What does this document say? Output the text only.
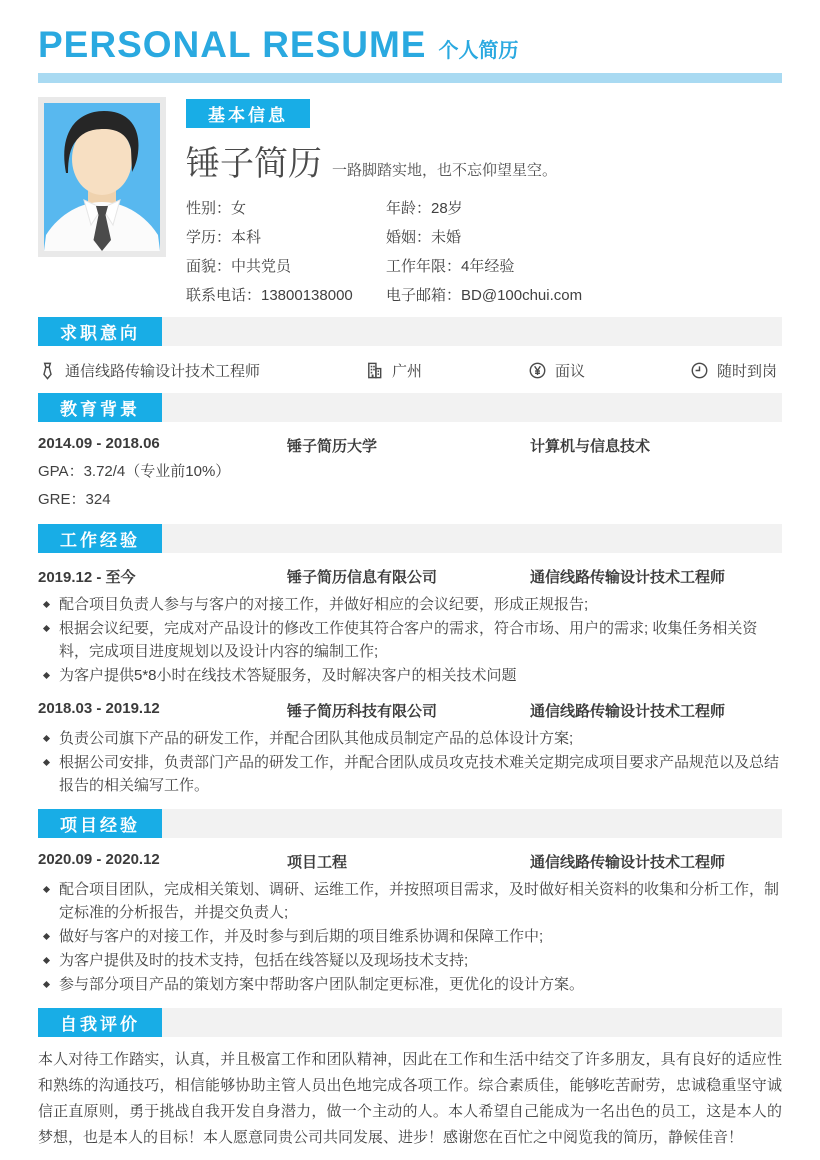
PERSONAL RESUME 个人简历
基本信息
锤子简历 一路脚踏实地，也不忘仰望星空。
性别：女	年龄：28岁
学历：本科	婚姻：未婚
面貌：中共党员	工作年限：4年经验
联系电话：13800138000	电子邮箱：BD@100chui.com
求职意向
通信线路传输设计技术工程师	广州	面议	随时到岗
教育背景
2014.09 - 2018.06	锤子简历大学	计算机与信息技术
GPA：3.72/4（专业前10%）
GRE：324
工作经验
2019.12 - 至今	锤子简历信息有限公司	通信线路传输设计技术工程师
配合项目负责人参与与客户的对接工作，并做好相应的会议纪要，形成正规报告;
根据会议纪要，完成对产品设计的修改工作使其符合客户的需求，符合市场、用户的需求; 收集任务相关资料，完成项目进度规划以及设计内容的编制工作;
为客户提供5*8小时在线技术答疑服务，及时解决客户的相关技术问题
2018.03 - 2019.12	锤子简历科技有限公司	通信线路传输设计技术工程师
负责公司旗下产品的研发工作，并配合团队其他成员制定产品的总体设计方案;
根据公司安排，负责部门产品的研发工作，并配合团队成员攻克技术难关定期完成项目要求产品规范以及总结报告的相关编写工作。
项目经验
2020.09 - 2020.12	项目工程	通信线路传输设计技术工程师
配合项目团队，完成相关策划、调研、运维工作，并按照项目需求，及时做好相关资料的收集和分析工作，制定标准的分析报告，并提交负责人;
做好与客户的对接工作，并及时参与到后期的项目维系协调和保障工作中;
为客户提供及时的技术支持，包括在线答疑以及现场技术支持;
参与部分项目产品的策划方案中帮助客户团队制定更标准，更优化的设计方案。
自我评价

本人对待工作踏实，认真，并且极富工作和团队精神，因此在工作和生活中结交了许多朋友，具有良好的适应性和熟练的沟通技巧，相信能够协助主管人员出色地完成各项工作。综合素质佳，能够吃苦耐劳，忠诚稳重坚守诚信正直原则，勇于挑战自我开发自身潜力，做一个主动的人。本人希望自己能成为一名出色的员工，这是本人的梦想，也是本人的目标！本人愿意同贵公司共同发展、进步！感谢您在百忙之中阅览我的简历，静候佳音！
